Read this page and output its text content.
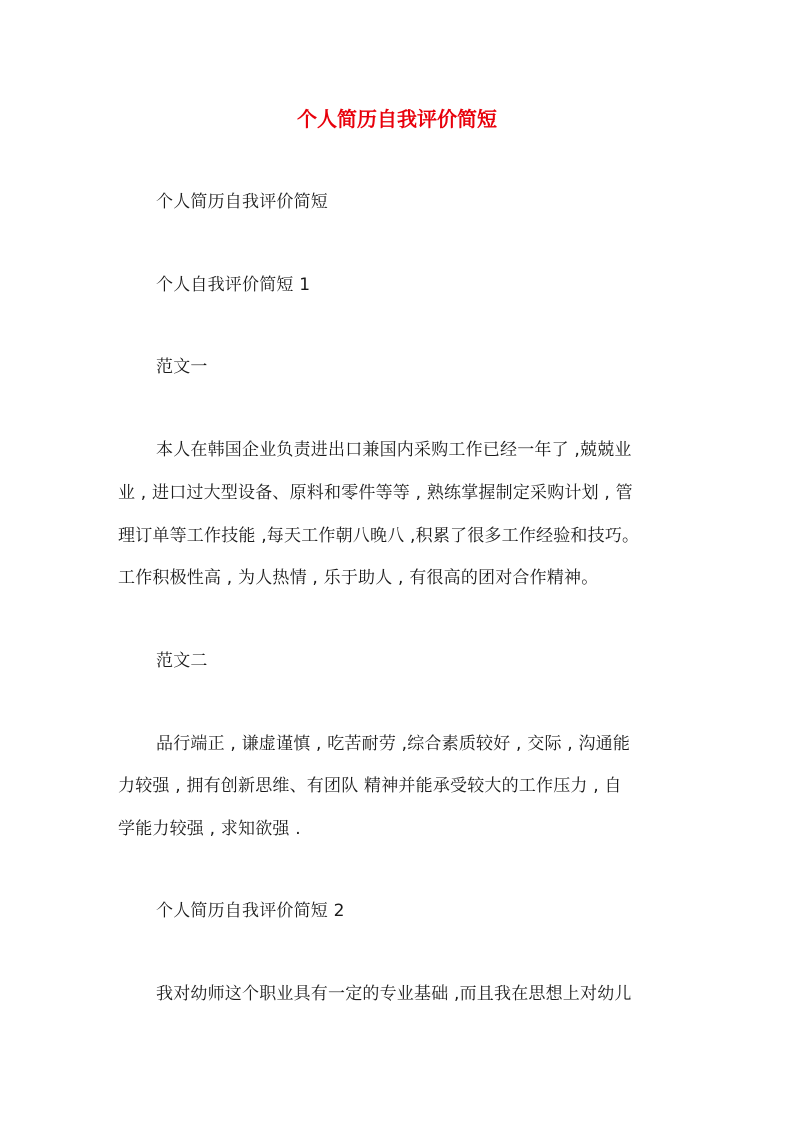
个人简历自我评价简短
个人简历自我评价简短
个人自我评价简短 1
范文一
本人在韩国企业负责进出口兼国内采购工作已经一年了 ,兢兢业
业 , 进口过大型设备、原料和零件等等 , 熟练掌握制定采购计划 , 管
理订单等工作技能 ,每天工作朝八晚八 ,积累了很多工作经验和技巧。
工作积极性高 , 为人热情 , 乐于助人 , 有很高的团对合作精神。
范文二
品行端正 , 谦虚谨慎 , 吃苦耐劳 ,综合素质较好 , 交际 , 沟通能
力较强 , 拥有创新思维、有团队 精神并能承受较大的工作压力 , 自
学能力较强 , 求知欲强 .
个人简历自我评价简短 2
我对幼师这个职业具有一定的专业基础 ,而且我在思想上对幼儿
